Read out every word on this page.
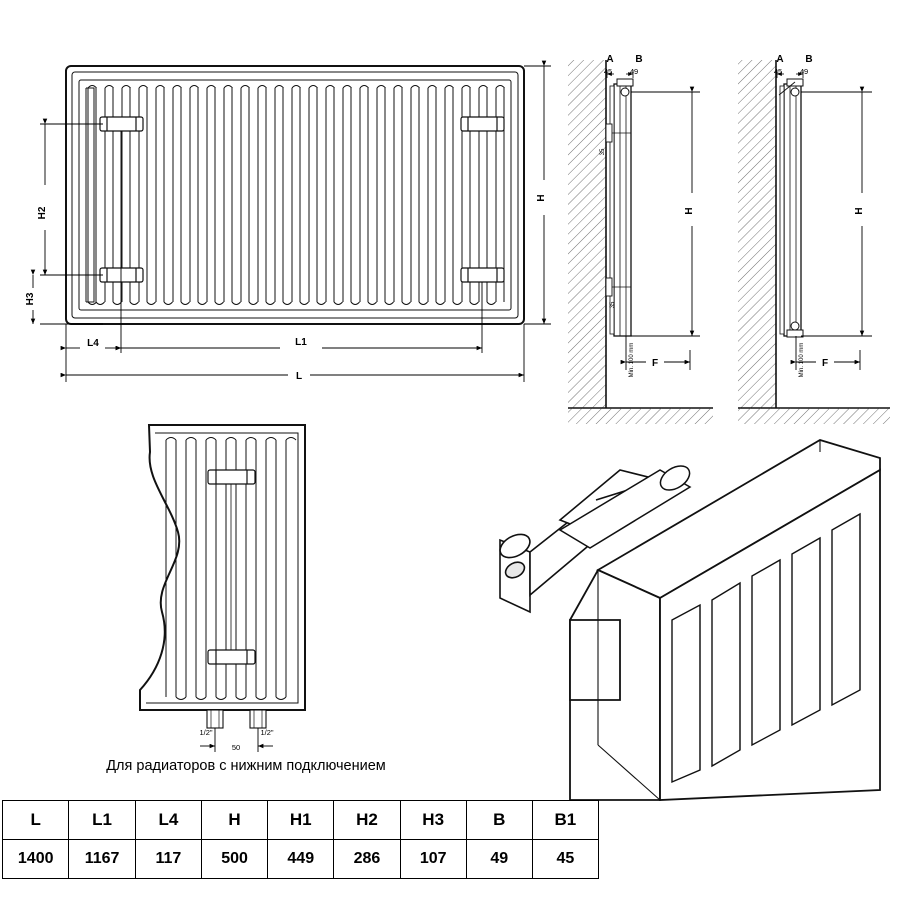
H2
H3
H
L4	L1
L
35
35
A B
45 49
H
F
Min. 100 mm
A B
45 49
H
F
Min. 100 mm
1/2"	1/2"
50
Для радиаторов с нижним подключением
L	L1	L4	H	H1	H2	H3	B	B1
1400	1167	117	500	449	286	107	49	45
